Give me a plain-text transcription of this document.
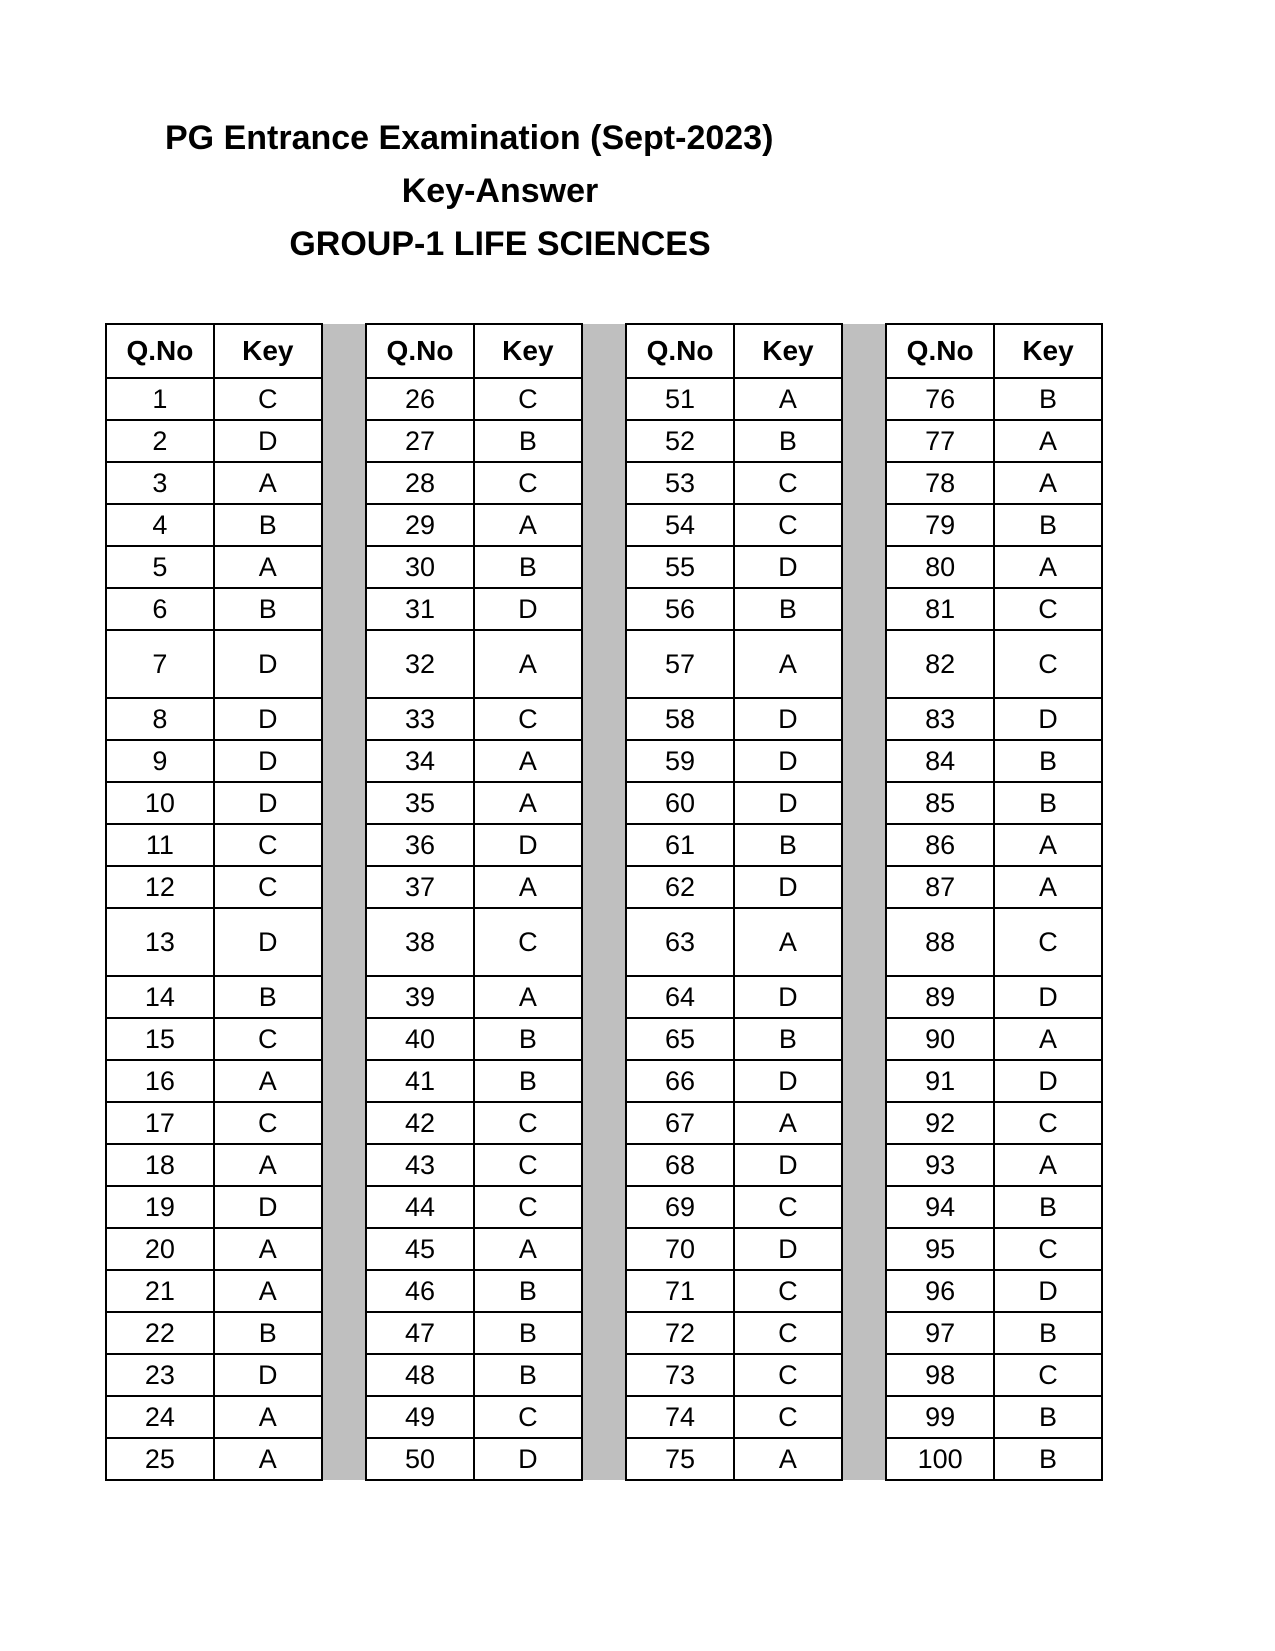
PG Entrance Examination (Sept-2023)
Key-Answer
GROUP-1 LIFE SCIENCES
Q.No	Key		Q.No	Key		Q.No	Key		Q.No	Key
1	C		26	C		51	A		76	B
2	D		27	B		52	B		77	A
3	A		28	C		53	C		78	A
4	B		29	A		54	C		79	B
5	A		30	B		55	D		80	A
6	B		31	D		56	B		81	C
7	D		32	A		57	A		82	C
8	D		33	C		58	D		83	D
9	D		34	A		59	D		84	B
10	D		35	A		60	D		85	B
11	C		36	D		61	B		86	A
12	C		37	A		62	D		87	A
13	D		38	C		63	A		88	C
14	B		39	A		64	D		89	D
15	C		40	B		65	B		90	A
16	A		41	B		66	D		91	D
17	C		42	C		67	A		92	C
18	A		43	C		68	D		93	A
19	D		44	C		69	C		94	B
20	A		45	A		70	D		95	C
21	A		46	B		71	C		96	D
22	B		47	B		72	C		97	B
23	D		48	B		73	C		98	C
24	A		49	C		74	C		99	B
25	A		50	D		75	A		100	B
